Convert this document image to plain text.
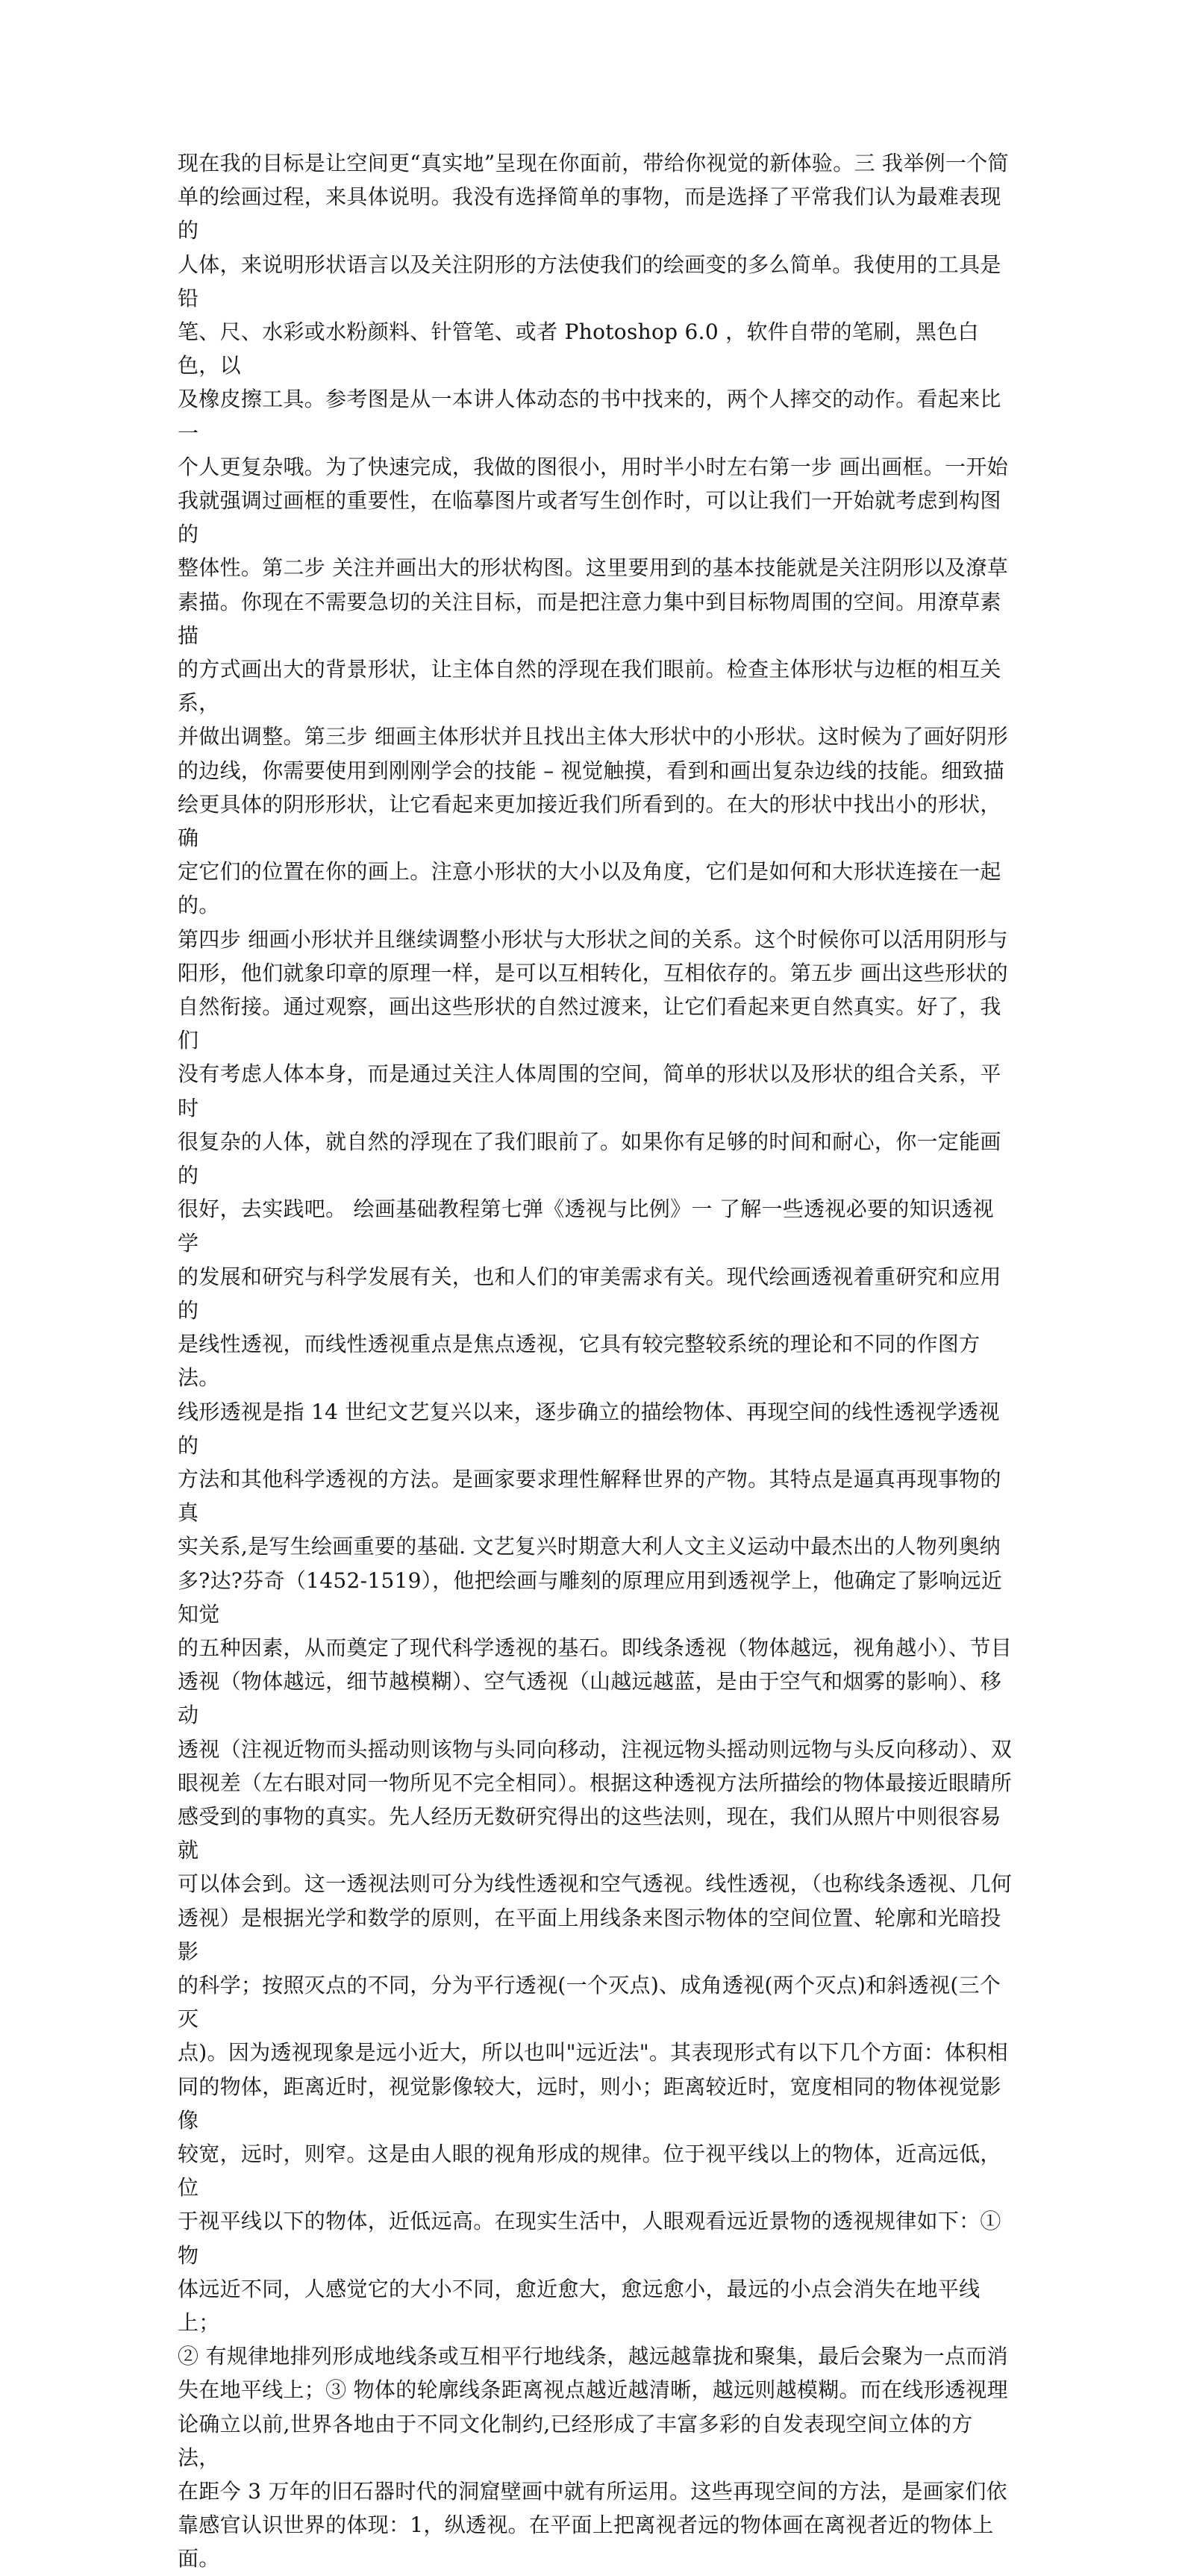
现在我的目标是让空间更“真实地”呈现在你面前，带给你视觉的新体验。三 我举例一个简
单的绘画过程，来具体说明。我没有选择简单的事物，而是选择了平常我们认为最难表现的
人体，来说明形状语言以及关注阴形的方法使我们的绘画变的多么简单。我使用的工具是铅
笔、尺、水彩或水粉颜料、针管笔、或者 Photoshop 6.0 ，软件自带的笔刷，黑色白色，以
及橡皮擦工具。参考图是从一本讲人体动态的书中找来的，两个人摔交的动作。看起来比一
个人更复杂哦。为了快速完成，我做的图很小，用时半小时左右第一步 画出画框。一开始
我就强调过画框的重要性，在临摹图片或者写生创作时，可以让我们一开始就考虑到构图的
整体性。第二步 关注并画出大的形状构图。这里要用到的基本技能就是关注阴形以及潦草
素描。你现在不需要急切的关注目标，而是把注意力集中到目标物周围的空间。用潦草素描
的方式画出大的背景形状，让主体自然的浮现在我们眼前。检查主体形状与边框的相互关系，
并做出调整。第三步 细画主体形状并且找出主体大形状中的小形状。这时候为了画好阴形
的边线，你需要使用到刚刚学会的技能 – 视觉触摸，看到和画出复杂边线的技能。细致描
绘更具体的阴形形状，让它看起来更加接近我们所看到的。在大的形状中找出小的形状，确
定它们的位置在你的画上。注意小形状的大小以及角度，它们是如何和大形状连接在一起的。
第四步 细画小形状并且继续调整小形状与大形状之间的关系。这个时候你可以活用阴形与
阳形，他们就象印章的原理一样，是可以互相转化，互相依存的。第五步 画出这些形状的
自然衔接。通过观察，画出这些形状的自然过渡来，让它们看起来更自然真实。好了，我们
没有考虑人体本身，而是通过关注人体周围的空间，简单的形状以及形状的组合关系，平时
很复杂的人体，就自然的浮现在了我们眼前了。如果你有足够的时间和耐心，你一定能画的
很好，去实践吧。 绘画基础教程第七弹《透视与比例》一 了解一些透视必要的知识透视学
的发展和研究与科学发展有关，也和人们的审美需求有关。现代绘画透视着重研究和应用的
是线性透视，而线性透视重点是焦点透视，它具有较完整较系统的理论和不同的作图方法。
线形透视是指 14 世纪文艺复兴以来，逐步确立的描绘物体、再现空间的线性透视学透视的
方法和其他科学透视的方法。是画家要求理性解释世界的产物。其特点是逼真再现事物的真
实关系,是写生绘画重要的基础. 文艺复兴时期意大利人文主义运动中最杰出的人物列奥纳
多?达?芬奇（1452-1519），他把绘画与雕刻的原理应用到透视学上，他确定了影响远近知觉
的五种因素，从而奠定了现代科学透视的基石。即线条透视（物体越远，视角越小）、节目
透视（物体越远，细节越模糊）、空气透视（山越远越蓝，是由于空气和烟雾的影响）、移动
透视（注视近物而头摇动则该物与头同向移动，注视远物头摇动则远物与头反向移动）、双
眼视差（左右眼对同一物所见不完全相同）。根据这种透视方法所描绘的物体最接近眼睛所
感受到的事物的真实。先人经历无数研究得出的这些法则，现在，我们从照片中则很容易就
可以体会到。这一透视法则可分为线性透视和空气透视。线性透视，（也称线条透视、几何
透视）是根据光学和数学的原则，在平面上用线条来图示物体的空间位置、轮廓和光暗投影
的科学；按照灭点的不同，分为平行透视(一个灭点)、成角透视(两个灭点)和斜透视(三个灭
点)。因为透视现象是远小近大，所以也叫"远近法"。其表现形式有以下几个方面：体积相
同的物体，距离近时，视觉影像较大，远时，则小；距离较近时，宽度相同的物体视觉影像
较宽，远时，则窄。这是由人眼的视角形成的规律。位于视平线以上的物体，近高远低，位
于视平线以下的物体，近低远高。在现实生活中，人眼观看远近景物的透视规律如下：① 物
体远近不同，人感觉它的大小不同，愈近愈大，愈远愈小，最远的小点会消失在地平线上；
② 有规律地排列形成地线条或互相平行地线条，越远越靠拢和聚集，最后会聚为一点而消
失在地平线上；③ 物体的轮廓线条距离视点越近越清晰，越远则越模糊。而在线形透视理
论确立以前,世界各地由于不同文化制约,已经形成了丰富多彩的自发表现空间立体的方法，
在距今 3 万年的旧石器时代的洞窟壁画中就有所运用。这些再现空间的方法，是画家们依
靠感官认识世界的体现：1，纵透视。在平面上把离视者远的物体画在离视者近的物体上面。
